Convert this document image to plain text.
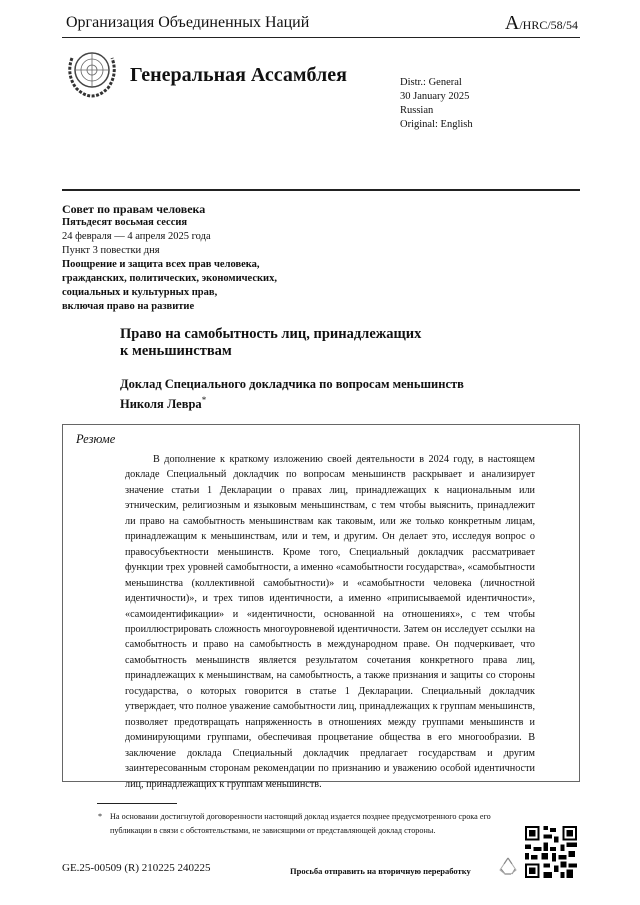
Организация Объединенных Наций	A/HRC/58/54
Генеральная Ассамблея	Distr.: General
30 January 2025
Russian
Original: English
Совет по правам человека
Пятьдесят восьмая сессия
24 февраля — 4 апреля 2025 года
Пункт 3 повестки дня
Поощрение и защита всех прав человека,
гражданских, политических, экономических,
социальных и культурных прав,
включая право на развитие
Право на самобытность лиц, принадлежащих
к меньшинствам
Доклад Специального докладчика по вопросам меньшинств
Николя Левра*
Резюме
В дополнение к краткому изложению своей деятельности в 2024 году, в настоящем докладе Специальный докладчик по вопросам меньшинств раскрывает и анализирует значение статьи 1 Декларации о правах лиц, принадлежащих к национальным или этническим, религиозным и языковым меньшинствам, с тем чтобы выяснить, принадлежит ли право на самобытность меньшинствам как таковым, или же только конкретным лицам, принадлежащим к меньшинствам, или и тем, и другим. Он делает это, исследуя вопрос о правосубъектности меньшинств. Кроме того, Специальный докладчик рассматривает функции трех уровней самобытности, а именно «самобытности государства», «самобытности меньшинства (коллективной самобытности)» и «самобытности человека (личностной идентичности)», и трех типов идентичности, а именно «приписываемой идентичности», «самоидентификации» и «идентичности, основанной на отношениях», с тем чтобы проиллюстрировать сложность многоуровневой идентичности. Затем он исследует ссылки на самобытность и право на самобытность в международном праве. Он подчеркивает, что самобытность меньшинств является результатом сочетания конкретного права лиц, принадлежащих к меньшинствам, на самобытность, а также признания и защиты со стороны государства, о которых говорится в статье 1 Декларации. Специальный докладчик утверждает, что полное уважение самобытности лиц, принадлежащих к группам меньшинств, позволяет предотвращать напряженность в отношениях между группами меньшинств и доминирующими группами, обеспечивая процветание общества в его многообразии. В заключение доклада Специальный докладчик предлагает государствам и другим заинтересованным сторонам рекомендации по признанию и уважению особой идентичности лиц, принадлежащих к группам меньшинств.
* На основании достигнутой договоренности настоящий доклад издается позднее предусмотренного срока его публикации в связи с обстоятельствами, не зависящими от представляющей доклад стороны.
GE.25-00509 (R) 210225 240225	Просьба отправить на вторичную переработку
